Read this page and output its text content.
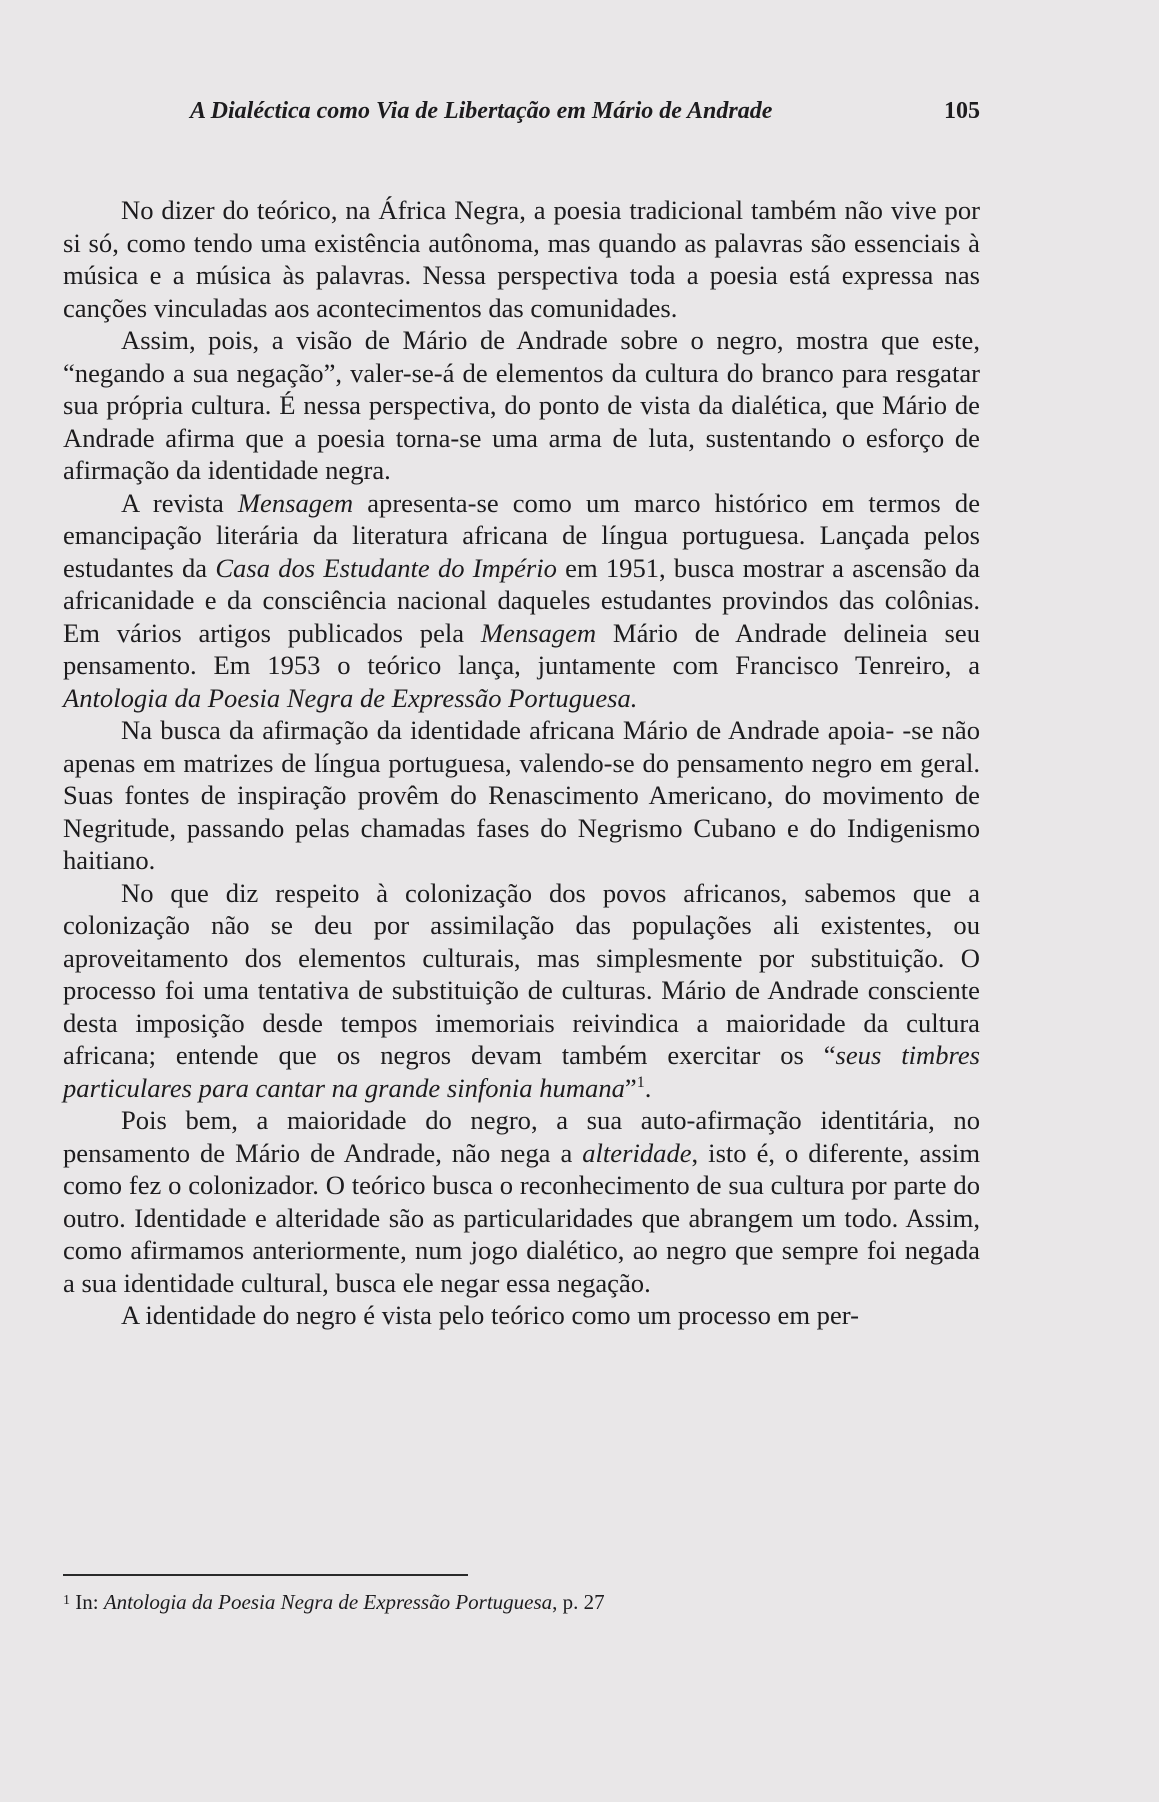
A Dialéctica como Via de Libertação em Mário de Andrade	105

No dizer do teórico, na África Negra, a poesia tradicional também não vive por si só, como tendo uma existência autônoma, mas quando as palavras são essenciais à música e a música às palavras. Nessa perspectiva toda a poesia está expressa nas canções vinculadas aos acontecimentos das comunidades.

Assim, pois, a visão de Mário de Andrade sobre o negro, mostra que este, “negando a sua negação”, valer-se-á de elementos da cultura do branco para resgatar sua própria cultura. É nessa perspectiva, do ponto de vista da dialética, que Mário de Andrade afirma que a poesia torna-se uma arma de luta, sustentando o esforço de afirmação da identidade negra.

A revista Mensagem apresenta-se como um marco histórico em termos de emancipação literária da literatura africana de língua portuguesa. Lançada pelos estudantes da Casa dos Estudante do Império em 1951, busca mostrar a ascensão da africanidade e da consciência nacional daqueles estudantes provindos das colônias. Em vários artigos publicados pela Mensagem Mário de Andrade delineia seu pensamento. Em 1953 o teórico lança, juntamente com Francisco Tenreiro, a Antologia da Poesia Negra de Expressão Portuguesa.

Na busca da afirmação da identidade africana Mário de Andrade apoia- -se não apenas em matrizes de língua portuguesa, valendo-se do pensamento negro em geral. Suas fontes de inspiração provêm do Renascimento Americano, do movimento de Negritude, passando pelas chamadas fases do Negrismo Cubano e do Indigenismo haitiano.

No que diz respeito à colonização dos povos africanos, sabemos que a colonização não se deu por assimilação das populações ali existentes, ou aproveitamento dos elementos culturais, mas simplesmente por substituição. O processo foi uma tentativa de substituição de culturas. Mário de Andrade consciente desta imposição desde tempos imemoriais reivindica a maioridade da cultura africana; entende que os negros devam também exercitar os “seus timbres particulares para cantar na grande sinfonia humana”$^1$.

Pois bem, a maioridade do negro, a sua auto-afirmação identitária, no pensamento de Mário de Andrade, não nega a alteridade, isto é, o diferente, assim como fez o colonizador. O teórico busca o reconhecimento de sua cultura por parte do outro. Identidade e alteridade são as particularidades que abrangem um todo. Assim, como afirmamos anteriormente, num jogo dialético, ao negro que sempre foi negada a sua identidade cultural, busca ele negar essa negação.

A identidade do negro é vista pelo teórico como um processo em per-

$^1$ In: Antologia da Poesia Negra de Expressão Portuguesa, p. 27
